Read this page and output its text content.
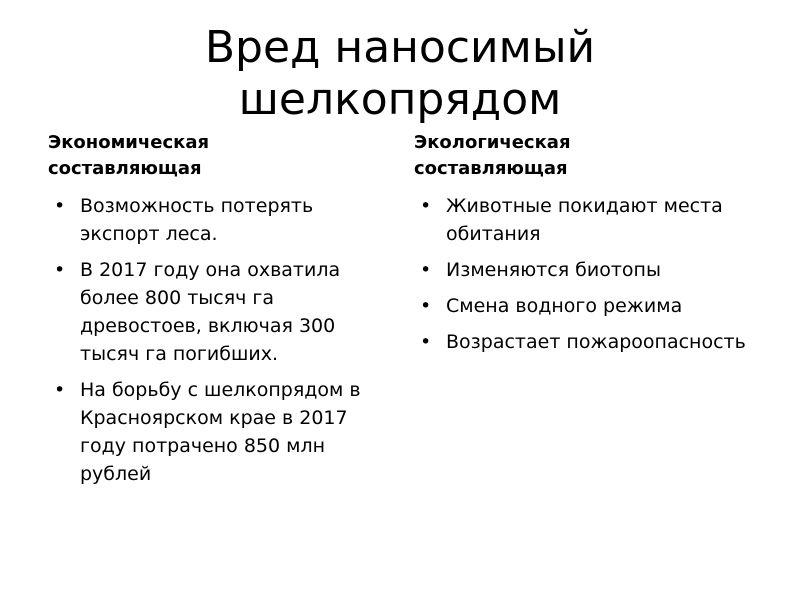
Вред наносимый
шелкопрядом
Экономическая
составляющая
• Возможность потерять экспорт леса.
• В 2017 году она охватила более 800 тысяч га древостоев, включая 300 тысяч га погибших.
• На борьбу с шелкопрядом в Красноярском крае в 2017 году потрачено 850 млн рублей
Экологическая
составляющая
• Животные покидают места обитания
• Изменяются биотопы
• Смена водного режима
• Возрастает пожароопасность
